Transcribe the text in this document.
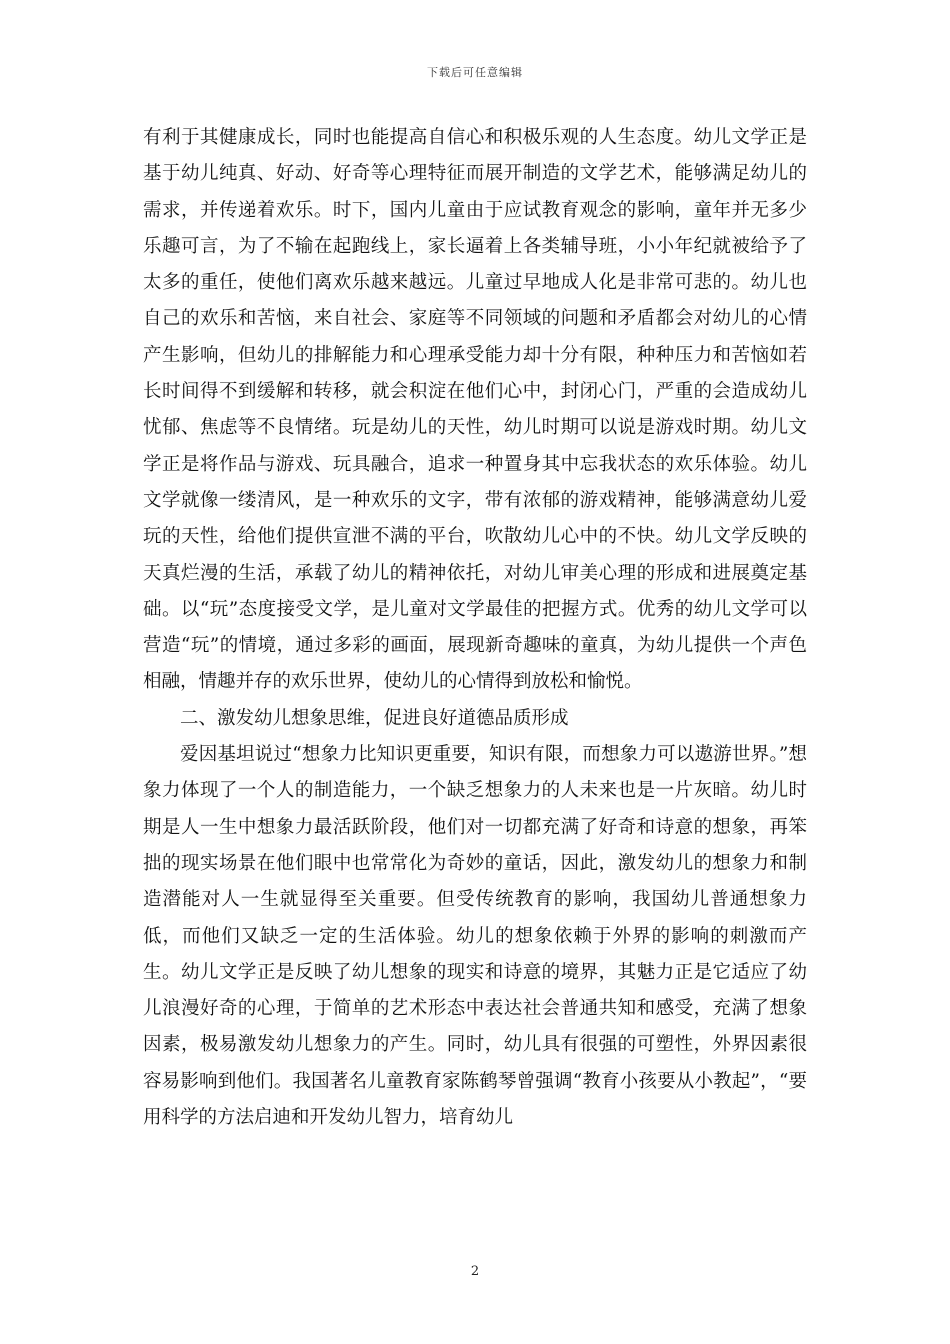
下载后可任意编辑

有利于其健康成长，同时也能提高自信心和积极乐观的人生态度。幼儿文学正是基于幼儿纯真、好动、好奇等心理特征而展开制造的文学艺术，能够满足幼儿的需求，并传递着欢乐。时下，国内儿童由于应试教育观念的影响，童年并无多少乐趣可言，为了不输在起跑线上，家长逼着上各类辅导班，小小年纪就被给予了太多的重任，使他们离欢乐越来越远。儿童过早地成人化是非常可悲的。幼儿也自己的欢乐和苦恼，来自社会、家庭等不同领域的问题和矛盾都会对幼儿的心情产生影响，但幼儿的排解能力和心理承受能力却十分有限，种种压力和苦恼如若长时间得不到缓解和转移，就会积淀在他们心中，封闭心门，严重的会造成幼儿忧郁、焦虑等不良情绪。玩是幼儿的天性，幼儿时期可以说是游戏时期。幼儿文学正是将作品与游戏、玩具融合，追求一种置身其中忘我状态的欢乐体验。幼儿文学就像一缕清风，是一种欢乐的文字，带有浓郁的游戏精神，能够满意幼儿爱玩的天性，给他们提供宣泄不满的平台，吹散幼儿心中的不快。幼儿文学反映的天真烂漫的生活，承载了幼儿的精神依托，对幼儿审美心理的形成和进展奠定基础。以“玩”态度接受文学，是儿童对文学最佳的把握方式。优秀的幼儿文学可以营造“玩”的情境，通过多彩的画面，展现新奇趣味的童真，为幼儿提供一个声色相融，情趣并存的欢乐世界，使幼儿的心情得到放松和愉悦。

二、激发幼儿想象思维，促进良好道德品质形成

爱因基坦说过“想象力比知识更重要，知识有限，而想象力可以遨游世界。”想象力体现了一个人的制造能力，一个缺乏想象力的人未来也是一片灰暗。幼儿时期是人一生中想象力最活跃阶段，他们对一切都充满了好奇和诗意的想象，再笨拙的现实场景在他们眼中也常常化为奇妙的童话，因此，激发幼儿的想象力和制造潜能对人一生就显得至关重要。但受传统教育的影响，我国幼儿普通想象力低，而他们又缺乏一定的生活体验。幼儿的想象依赖于外界的影响的刺激而产生。幼儿文学正是反映了幼儿想象的现实和诗意的境界，其魅力正是它适应了幼儿浪漫好奇的心理，于简单的艺术形态中表达社会普通共知和感受，充满了想象因素，极易激发幼儿想象力的产生。同时，幼儿具有很强的可塑性，外界因素很容易影响到他们。我国著名儿童教育家陈鹤琴曾强调“教育小孩要从小教起”，“要用科学的方法启迪和开发幼儿智力，培育幼儿

2
